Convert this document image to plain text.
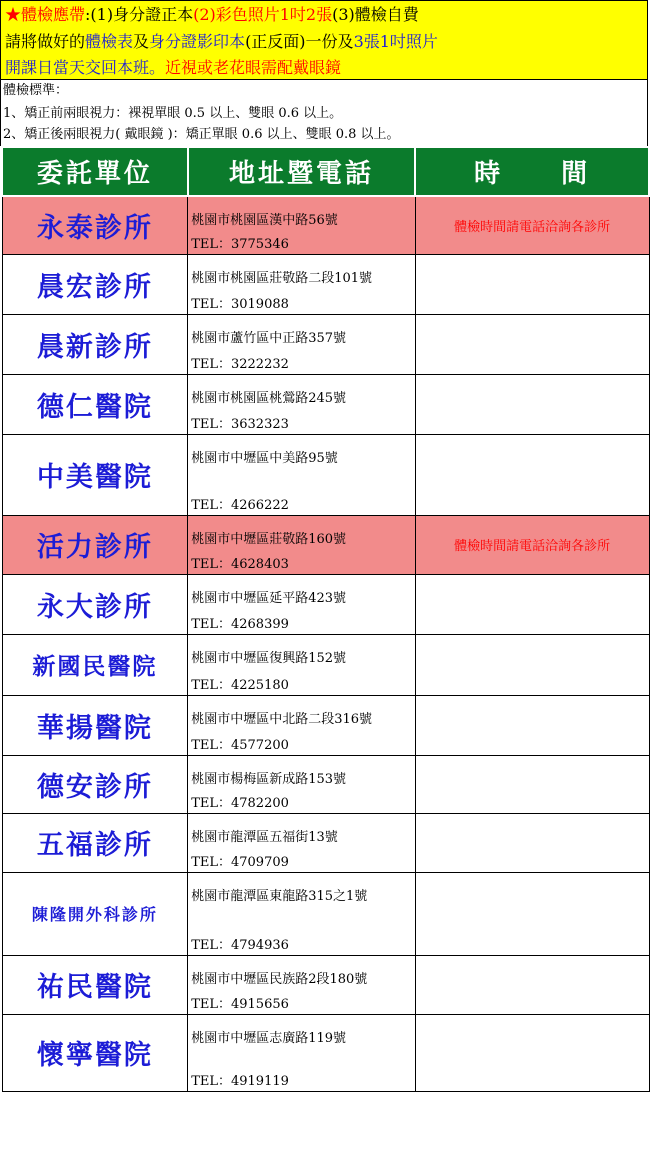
★體檢應帶:(1)身分證正本(2)彩色照片1吋2張(3)體檢自費
請將做好的體檢表及身分證影印本(正反面)一份及3張1吋照片
開課日當天交回本班。近視或老花眼需配戴眼鏡
體檢標準：
1、矯正前兩眼視力：裸視單眼 0.5 以上、雙眼 0.6 以上。
2、矯正後兩眼視力( 戴眼鏡 )：矯正單眼 0.6 以上、雙眼 0.8 以上。
委託單位	地址暨電話	時　　間
永泰診所	桃園市桃園區漢中路56號
TEL：3775346	體檢時間請電話洽詢各診所
晨宏診所	桃園市桃園區莊敬路二段101號
TEL：3019088	

晨新診所	桃園市蘆竹區中正路357號
TEL：3222232	

德仁醫院	桃園市桃園區桃鶯路245號
TEL：3632323	

中美醫院	桃園市中壢區中美路95號
TEL：4266222	

活力診所	桃園市中壢區莊敬路160號
TEL：4628403	體檢時間請電話洽詢各診所
永大診所	桃園市中壢區延平路423號
TEL：4268399	

新國民醫院	桃園市中壢區復興路152號
TEL：4225180	

華揚醫院	桃園市中壢區中北路二段316號
TEL：4577200	

德安診所	桃園市楊梅區新成路153號
TEL：4782200	

五福診所	桃園市龍潭區五福街13號
TEL：4709709	

陳隆開外科診所	桃園市龍潭區東龍路315之1號
TEL：4794936	

祐民醫院	桃園市中壢區民族路2段180號
TEL：4915656	

懷寧醫院	桃園市中壢區志廣路119號
TEL：4919119	
